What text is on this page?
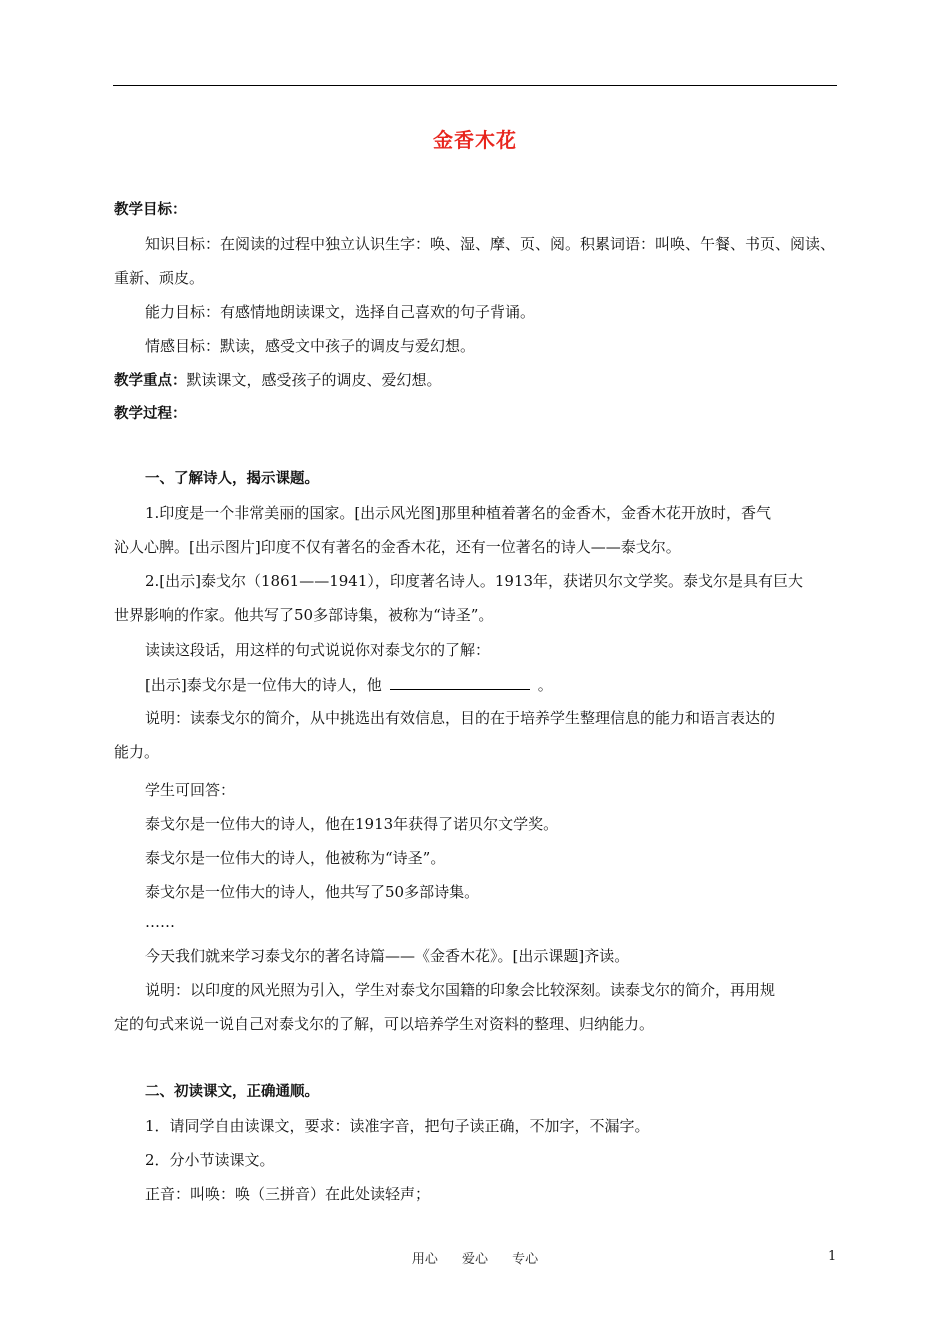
金香木花
教学目标：
知识目标：在阅读的过程中独立认识生字：唤、湿、摩、页、阅。积累词语：叫唤、午餐、书页、阅读、
重新、顽皮。
能力目标：有感情地朗读课文，选择自己喜欢的句子背诵。
情感目标：默读，感受文中孩子的调皮与爱幻想。
教学重点：默读课文，感受孩子的调皮、爱幻想。
教学过程：
一、了解诗人，揭示课题。
1.印度是一个非常美丽的国家。[出示风光图]那里种植着著名的金香木，金香木花开放时，香气
沁人心脾。[出示图片]印度不仅有著名的金香木花，还有一位著名的诗人——泰戈尔。
2.[出示]泰戈尔（1861——1941），印度著名诗人。1913年，获诺贝尔文学奖。泰戈尔是具有巨大
世界影响的作家。他共写了50多部诗集，被称为“诗圣”。
读读这段话，用这样的句式说说你对泰戈尔的了解：
[出示]泰戈尔是一位伟大的诗人，他	。
说明：读泰戈尔的简介，从中挑选出有效信息，目的在于培养学生整理信息的能力和语言表达的
能力。
学生可回答：
泰戈尔是一位伟大的诗人，他在1913年获得了诺贝尔文学奖。
泰戈尔是一位伟大的诗人，他被称为“诗圣”。
泰戈尔是一位伟大的诗人，他共写了50多部诗集。
……
今天我们就来学习泰戈尔的著名诗篇——《金香木花》。[出示课题]齐读。
说明：以印度的风光照为引入，学生对泰戈尔国籍的印象会比较深刻。读泰戈尔的简介，再用规
定的句式来说一说自己对泰戈尔的了解，可以培养学生对资料的整理、归纳能力。
二、初读课文，正确通顺。
1．请同学自由读课文，要求：读准字音，把句子读正确，不加字，不漏字。
2．分小节读课文。
正音：叫唤：唤（三拼音）在此处读轻声；
用心 爱心 专心	1
